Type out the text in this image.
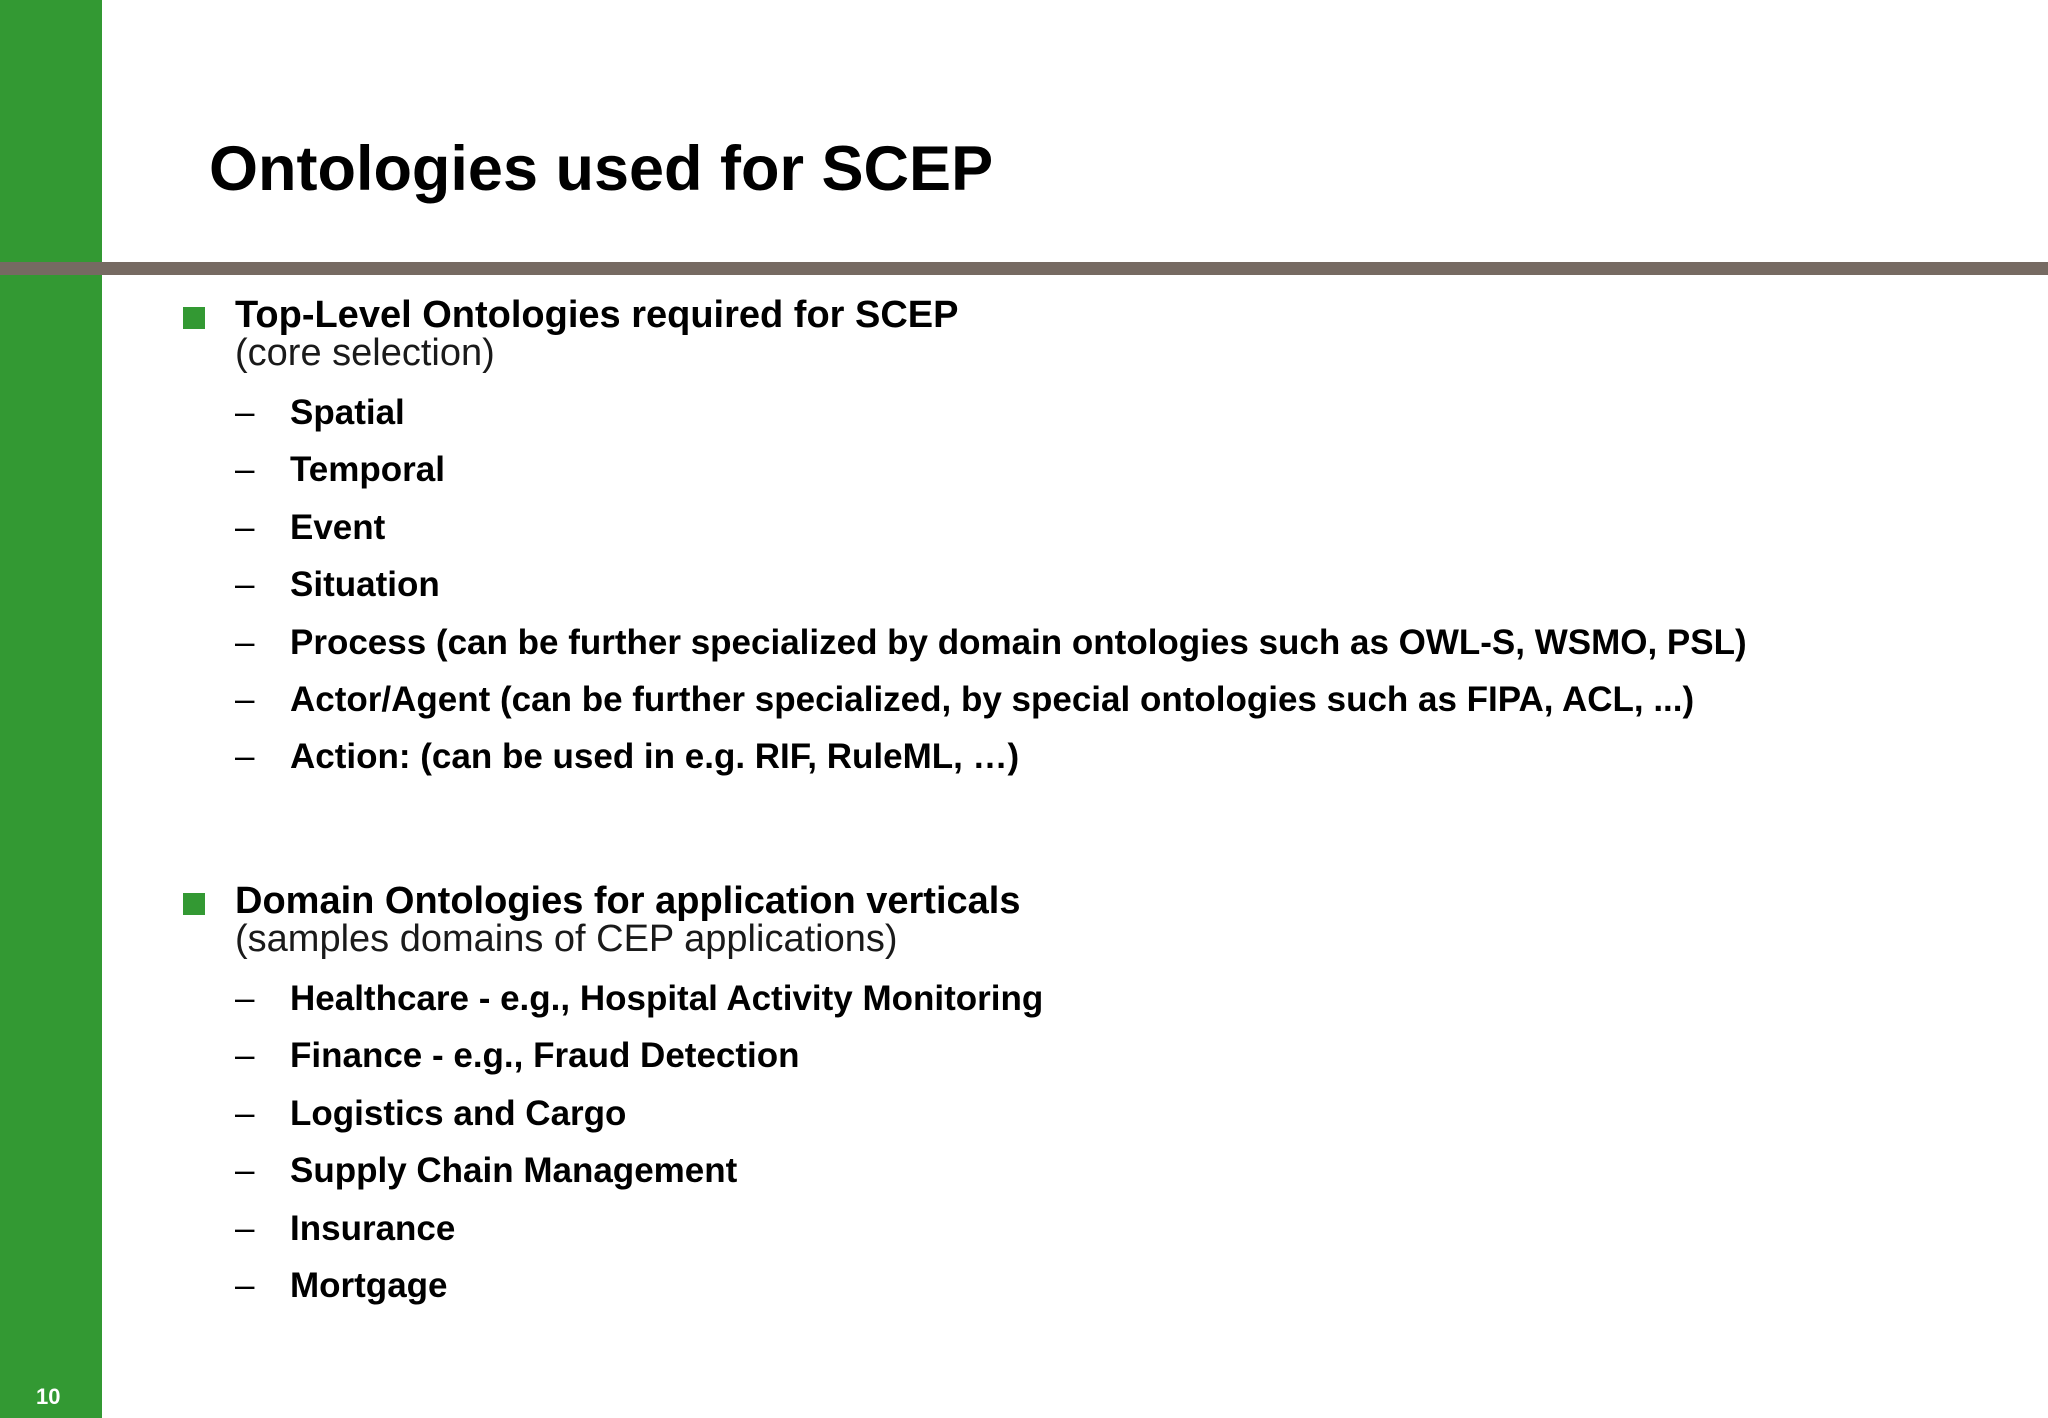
10
Ontologies used for SCEP
Top-Level Ontologies required for SCEP
(core selection)
– Spatial
– Temporal
– Event
– Situation
– Process (can be further specialized by domain ontologies such as OWL-S, WSMO, PSL)
– Actor/Agent (can be further specialized, by special ontologies such as FIPA, ACL, ...)
– Action: (can be used in e.g. RIF, RuleML, …)
Domain Ontologies for application verticals
(samples domains of CEP applications)
– Healthcare - e.g., Hospital Activity Monitoring
– Finance - e.g., Fraud Detection
– Logistics and Cargo
– Supply Chain Management
– Insurance
– Mortgage
